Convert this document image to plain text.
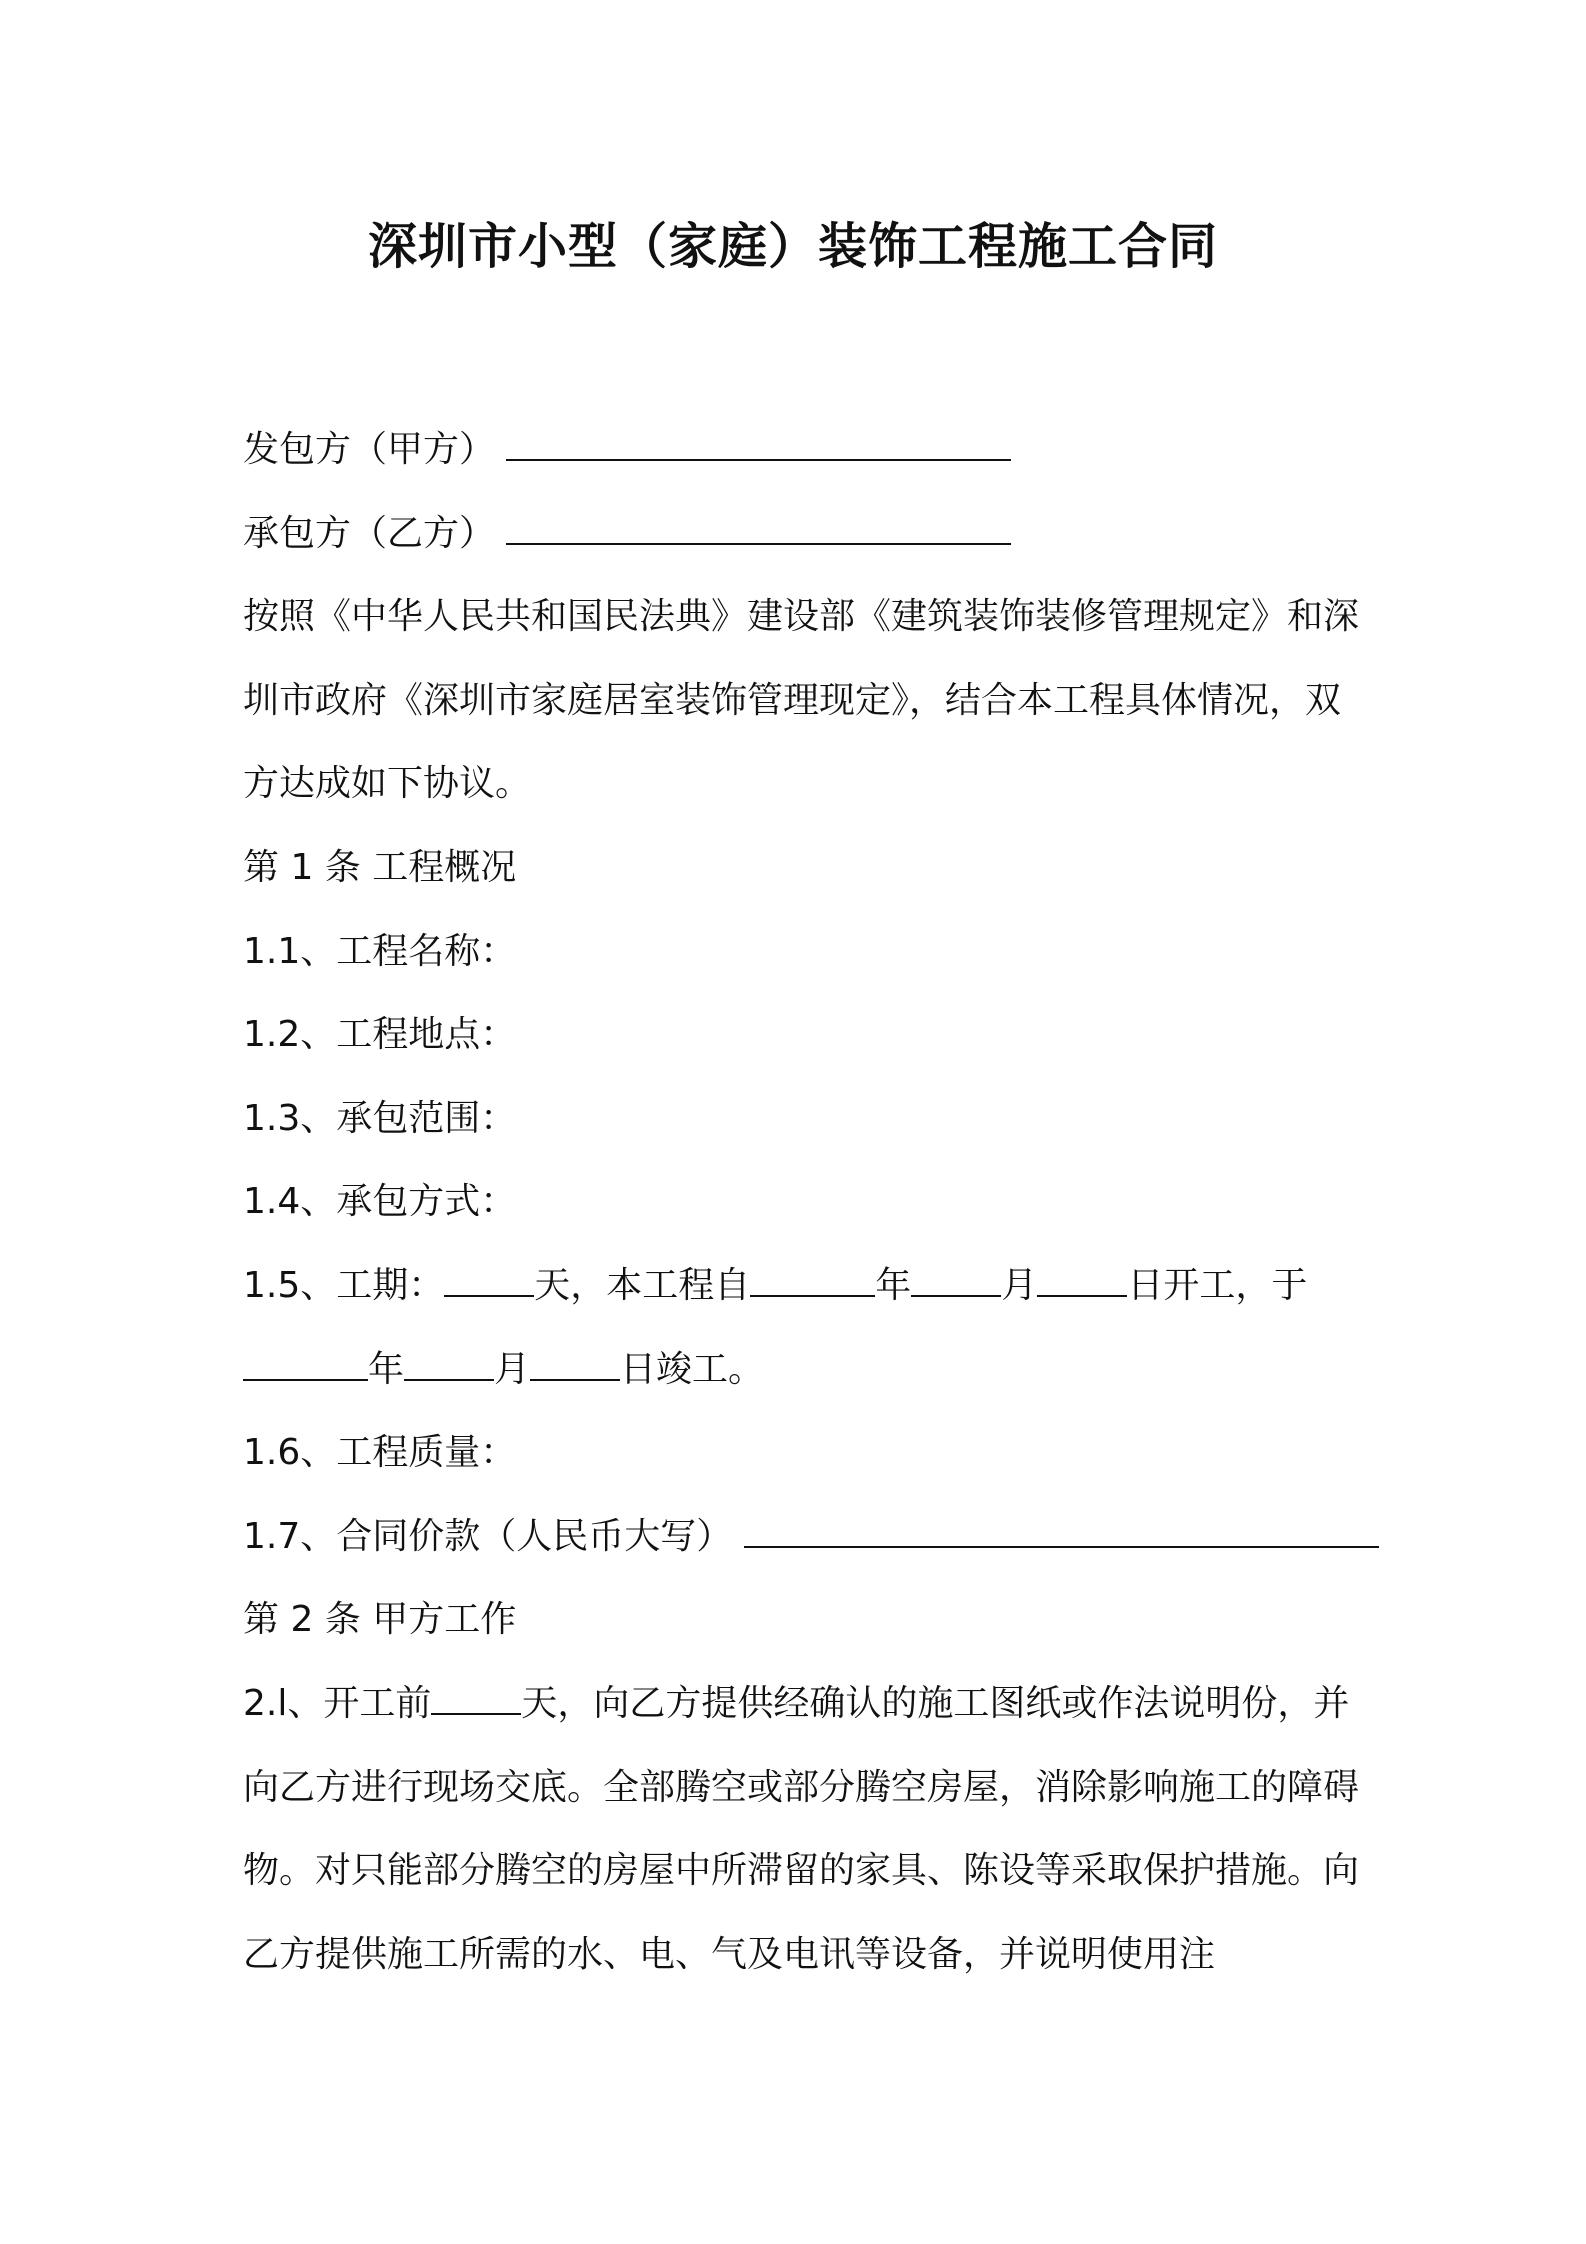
深圳市小型（家庭）装饰工程施工合同
发包方（甲方）
承包方（乙方）
按照《中华人民共和国民法典》建设部《建筑装饰装修管理规定》和深圳市政府《深圳市家庭居室装饰管理现定》，结合本工程具体情况，双方达成如下协议。
第 1 条 工程概况
1.1、工程名称：
1.2、工程地点：
1.3、承包范围：
1.4、承包方式：
1.5、工期：	天，本工程自	年	月	日开工，于
年	月	日竣工。
1.6、工程质量：
1.7、合同价款（人民币大写）
第 2 条 甲方工作
2.l、开工前	天，向乙方提供经确认的施工图纸或作法说明份，并向乙方进行现场交底。全部腾空或部分腾空房屋，消除影响施工的障碍物。对只能部分腾空的房屋中所滞留的家具、陈设等采取保护措施。向乙方提供施工所需的水、电、气及电讯等设备，并说明使用注
